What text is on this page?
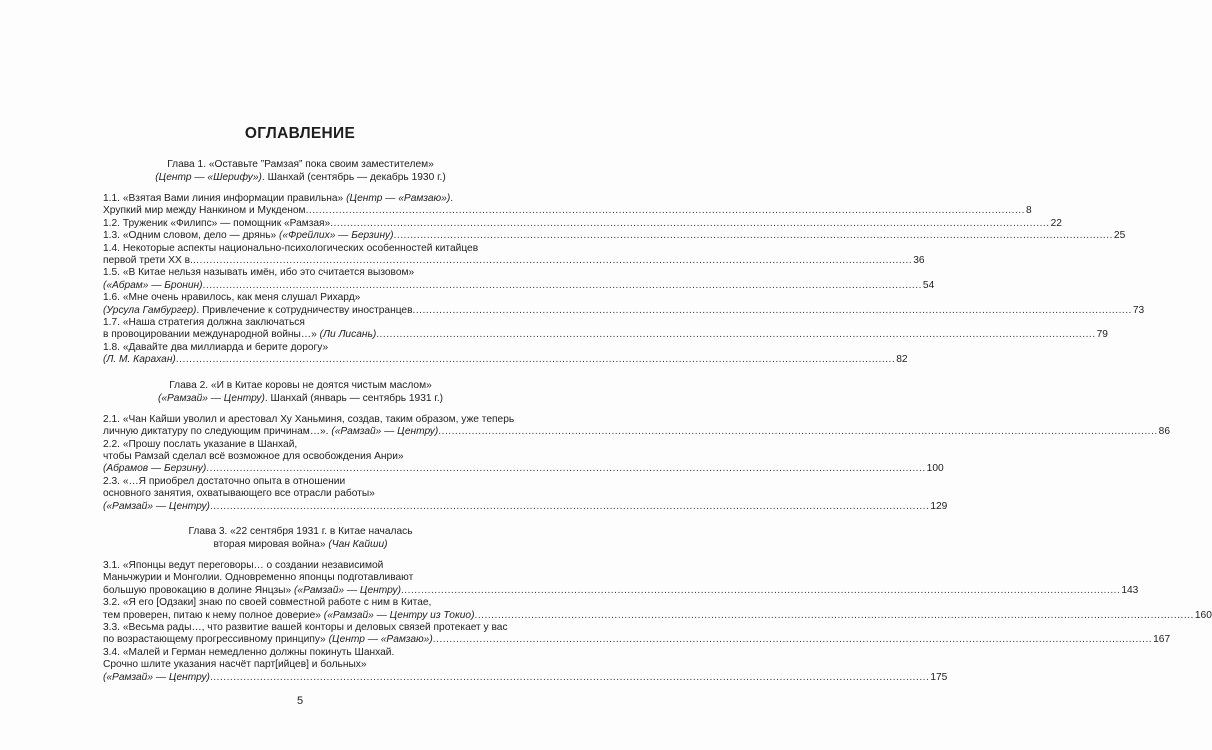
ОГЛАВЛЕНИЕ
Глава 1. «Оставьте ”Рамзая” пока своим заместителем»
(Центр — «Шерифу»). Шанхай (сентябрь — декабрь 1930 г.)
1.1. «Взятая Вами линия информации правильна» (Центр — «Рамзаю»).
Хрупкий мир между Нанкином и Мукденом .....	8
1.2. Труженик «Филипс» — помощник «Рамзая» .....	22
1.3. «Одним словом, дело — дрянь» («Фрейлих» — Берзину) .....	25
1.4. Некоторые аспекты национально-психологических особенностей китайцев
первой трети XX в. .....	36
1.5. «В Китае нельзя называть имён, ибо это считается вызовом»
(«Абрам» — Бронин) .....	54
1.6. «Мне очень нравилось, как меня слушал Рихард»
(Урсула Гамбургер). Привлечение к сотрудничеству иностранцев .....	73
1.7. «Наша стратегия должна заключаться
в провоцировании международной войны…» (Ли Лисань) .....	79
1.8. «Давайте два миллиарда и берите дорогу»
(Л. М. Карахан) .....	82
Глава 2. «И в Китае коровы не доятся чистым маслом»
(«Рамзай» — Центру). Шанхай (январь — сентябрь 1931 г.)
2.1. «Чан Кайши уволил и арестовал Ху Ханьминя, создав, таким образом, уже теперь
личную диктатуру по следующим причинам…». («Рамзай» — Центру) .....	86
2.2. «Прошу послать указание в Шанхай,
чтобы Рамзай сделал всё возможное для освобождения Анри»
(Абрамов — Берзину) .....	100
2.3. «…Я приобрел достаточно опыта в отношении
основного занятия, охватывающего все отрасли работы»
(«Рамзай» — Центру) .....	129
Глава 3. «22 сентября 1931 г. в Китае началась
вторая мировая война» (Чан Кайши)
3.1. «Японцы ведут переговоры… о создании независимой
Маньчжурии и Монголии. Одновременно японцы подготавливают
большую провокацию в долине Янцзы» («Рамзай» — Центру) .....	143
3.2. «Я его [Одзаки] знаю по своей совместной работе с ним в Китае,
тем проверен, питаю к нему полное доверие» («Рамзай» — Центру из Токио) .....	160
3.3. «Весьма рады…, что развитие вашей конторы и деловых связей протекает у вас
по возрастающему прогрессивному принципу» (Центр — «Рамзаю») .....	167
3.4. «Малей и Герман немедленно должны покинуть Шанхай.
Срочно шлите указания насчёт парт[ийцев] и больных»
(«Рамзай» — Центру) .....	175
5
